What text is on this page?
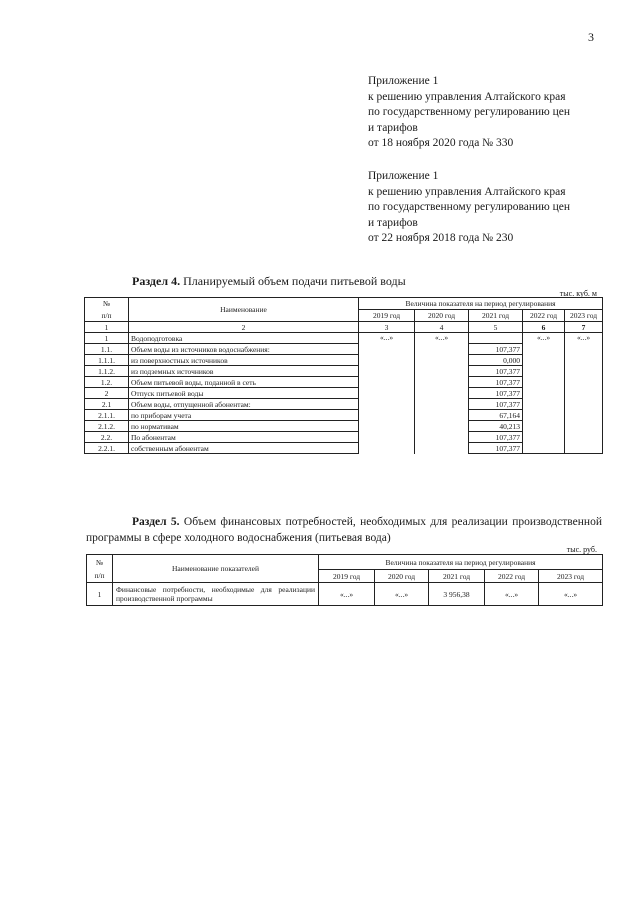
3
Приложение 1
к решению управления Алтайского края
по государственному регулированию цен
и тарифов
от 18 ноября 2020 года № 330
Приложение 1
к решению управления Алтайского края
по государственному регулированию цен
и тарифов
от 22 ноября 2018 года № 230
Раздел 4. Планируемый объем подачи питьевой воды
тыс. куб. м
№	Наименование	Величина показателя на период регулирования				
п/п		2019 год	2020 год	2021 год	2022 год	2023 год
1	2	3	4	5	6	7
1	Водоподготовка	«...»	«...»		«...»	«...»
1.1.	Объем воды из источников водоснабжения:			107,377		
1.1.1.	из поверхностных источников			0,000		
1.1.2.	из подземных источников			107,377		
1.2.	Объем питьевой воды, поданной в сеть			107,377		
2	Отпуск питьевой воды			107,377		
2.1	Объем воды, отпущенной абонентам:			107,377		
2.1.1.	по приборам учета			67,164		
2.1.2.	по нормативам			40,213		
2.2.	По абонентам			107,377		
2.2.1.	собственным абонентам			107,377		
Раздел 5. Объем финансовых потребностей, необходимых для реализации производственной программы в сфере холодного водоснабжения (питьевая вода)
тыс. руб.
№	Наименование показателей	Величина показателя на период регулирования				
п/п		2019 год	2020 год	2021 год	2022 год	2023 год
1	Финансовые потребности, необходимые для реализации производственной программы	«...»	«...»	3 956,38	«...»	«...»
